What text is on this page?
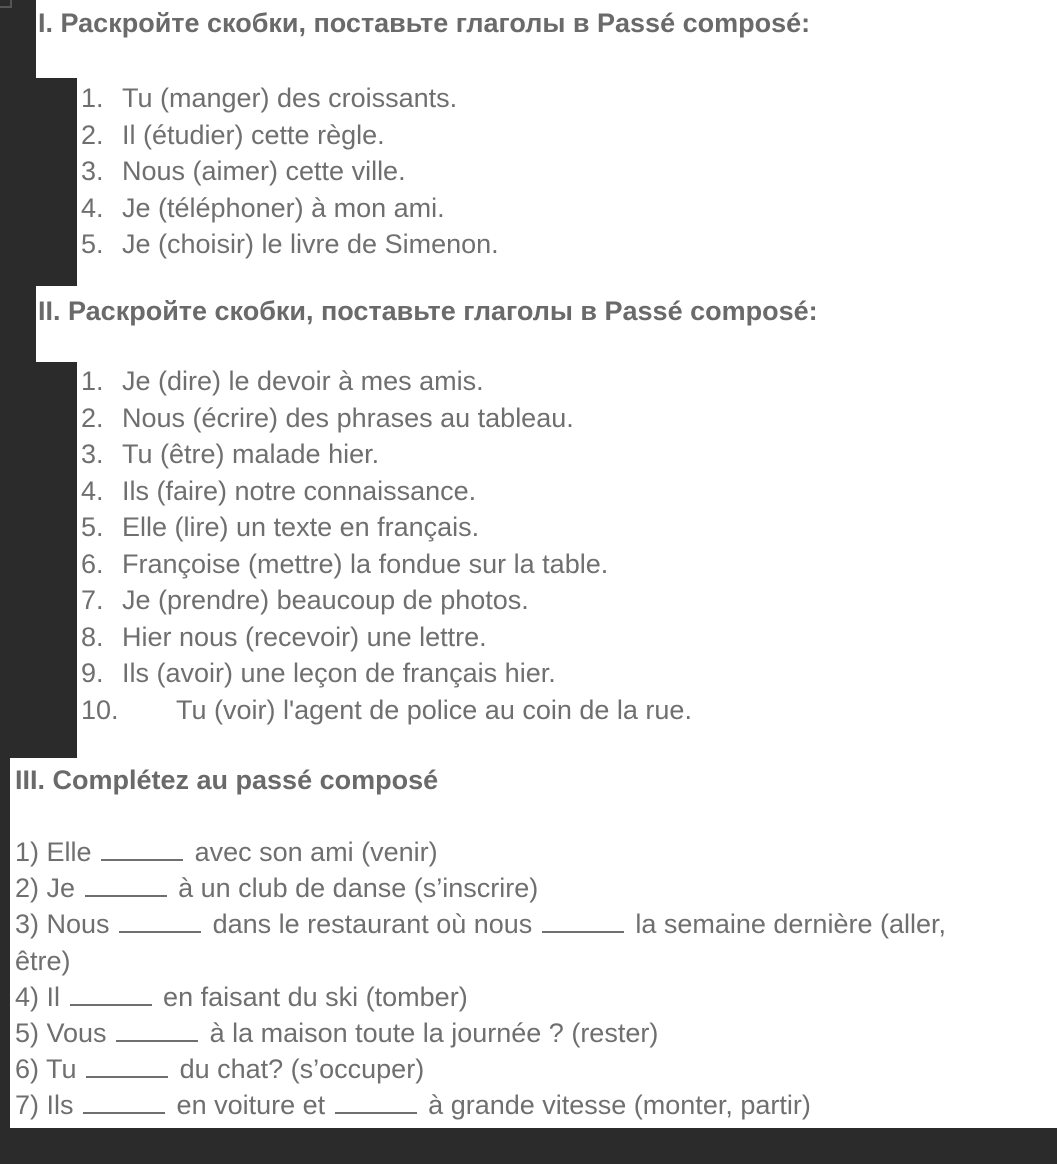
I. Раскройте скобки, поставьте глаголы в Passé composé:
1. Tu (manger) des croissants.
2. Il (étudier) cette règle.
3. Nous (aimer) cette ville.
4. Je (téléphoner) à mon ami.
5. Je (choisir) le livre de Simenon.
II. Раскройте скобки, поставьте глаголы в Passé composé:
1. Je (dire) le devoir à mes amis.
2. Nous (écrire) des phrases au tableau.
3. Tu (être) malade hier.
4. Ils (faire) notre connaissance.
5. Elle (lire) un texte en français.
6. Françoise (mettre) la fondue sur la table.
7. Je (prendre) beaucoup de photos.
8. Hier nous (recevoir) une lettre.
9. Ils (avoir) une leçon de français hier.
10. Tu (voir) l'agent de police au coin de la rue.
III. Complétez au passé composé
1) Elle	avec son ami (venir)
2) Je	à un club de danse (s’inscrire)
3) Nous	dans le restaurant où nous	la semaine dernière (aller,
être)
4) Il	en faisant du ski (tomber)
5) Vous	à la maison toute la journée ? (rester)
6) Tu	du chat? (s’occuper)
7) Ils	en voiture et	à grande vitesse (monter, partir)
